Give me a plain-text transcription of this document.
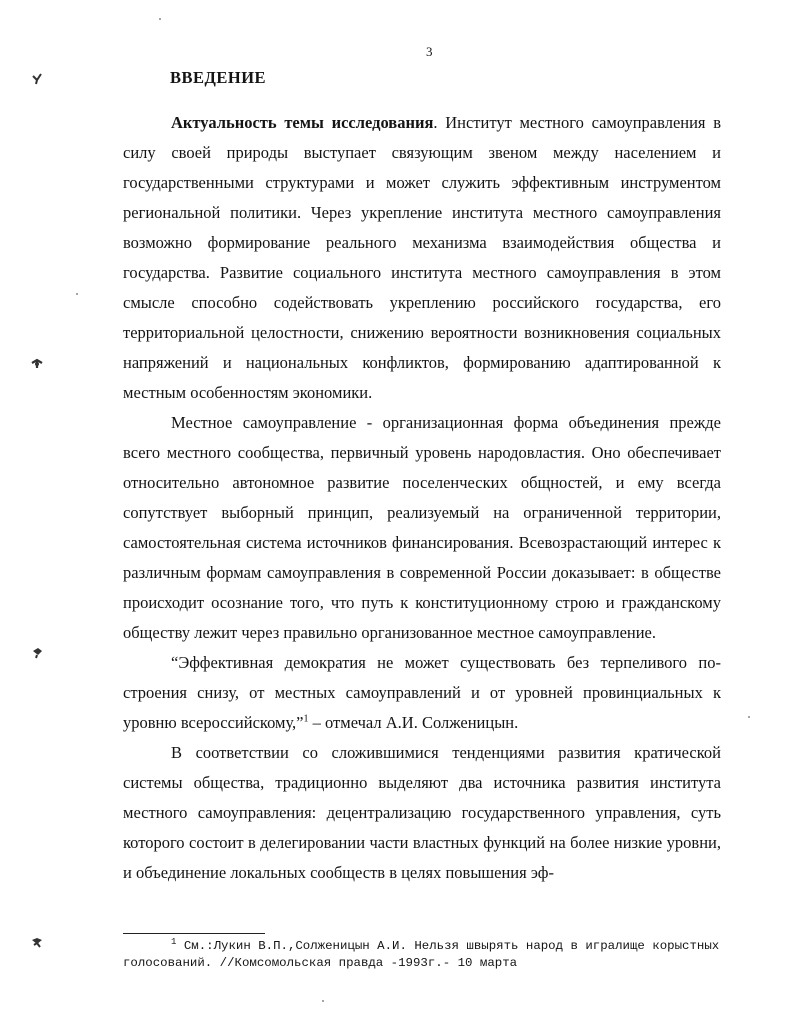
3
ВВЕДЕНИЕ

Актуальность темы исследования. Институт местного самоуправления в силу своей природы выступает связующим звеном между населением и государственными структурами и может служить эффективным инструментом региональной политики. Через укрепление института местного самоуправления возможно формирование реального механизма взаимодействия общества и государства. Развитие социального института местного самоуправления в этом смысле способно содействовать укреплению российского государства, его территориальной целостности, снижению вероятности возникновения социальных напряжений и национальных конфликтов, формированию адаптированной к местным особенностям экономики.

Местное самоуправление - организационная форма объединения прежде всего местного сообщества, первичный уровень народовластия. Оно обеспечивает относительно автономное развитие поселенческих общностей, и ему всегда сопутствует выборный принцип, реализуемый на ограниченной территории, самостоятельная система источников финансирования. Всевозрастающий интерес к различным формам самоуправления в современной России доказывает: в обществе происходит осознание того, что путь к конституционному строю и гражданскому обществу лежит через правильно организованное местное самоуправление.

“Эффективная демократия не может существовать без терпеливого построения снизу, от местных самоуправлений и от уровней провинциальных к уровню всероссийскому,”$^1$ – отмечал А.И. Солженицын.

В соответствии со сложившимися тенденциями развития кратической системы общества, традиционно выделяют два источника развития института местного самоуправления: децентрализацию государственного управления, суть которого состоит в делегировании части властных функций на более низкие уровни, и объединение локальных сообществ в целях повышения эф-

$^1$ См.:Лукин В.П.,Солженицын А.И. Нельзя швырять народ в игралище корыстных голосований. //Комсомольская правда -1993г.- 10 марта
